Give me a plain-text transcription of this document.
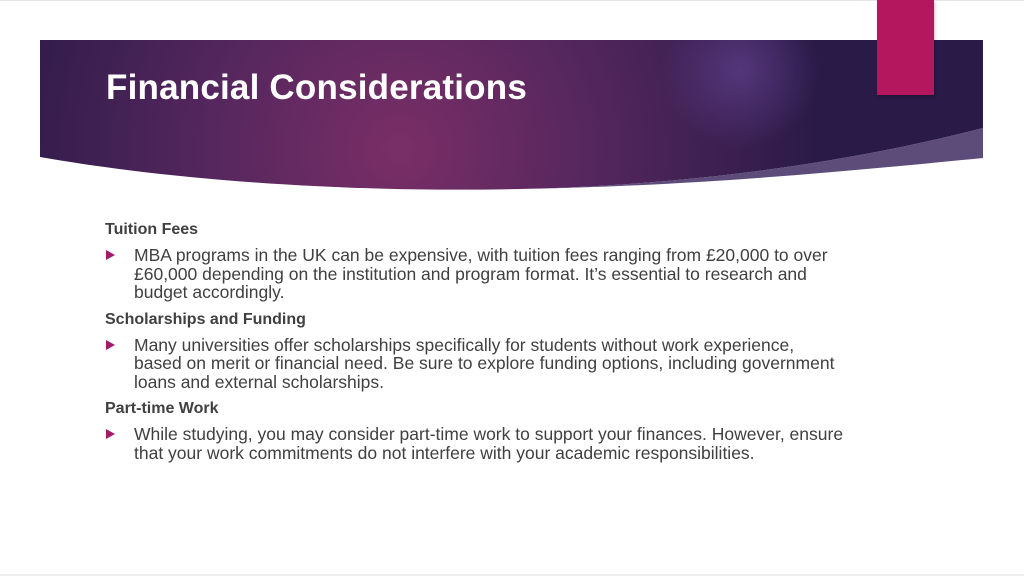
Financial Considerations

Tuition Fees

MBA programs in the UK can be expensive, with tuition fees ranging from £20,000 to over £60,000 depending on the institution and program format. It’s essential to research and budget accordingly.

Scholarships and Funding

Many universities offer scholarships specifically for students without work experience, based on merit or financial need. Be sure to explore funding options, including government loans and external scholarships.

Part-time Work

While studying, you may consider part-time work to support your finances. However, ensure that your work commitments do not interfere with your academic responsibilities.
